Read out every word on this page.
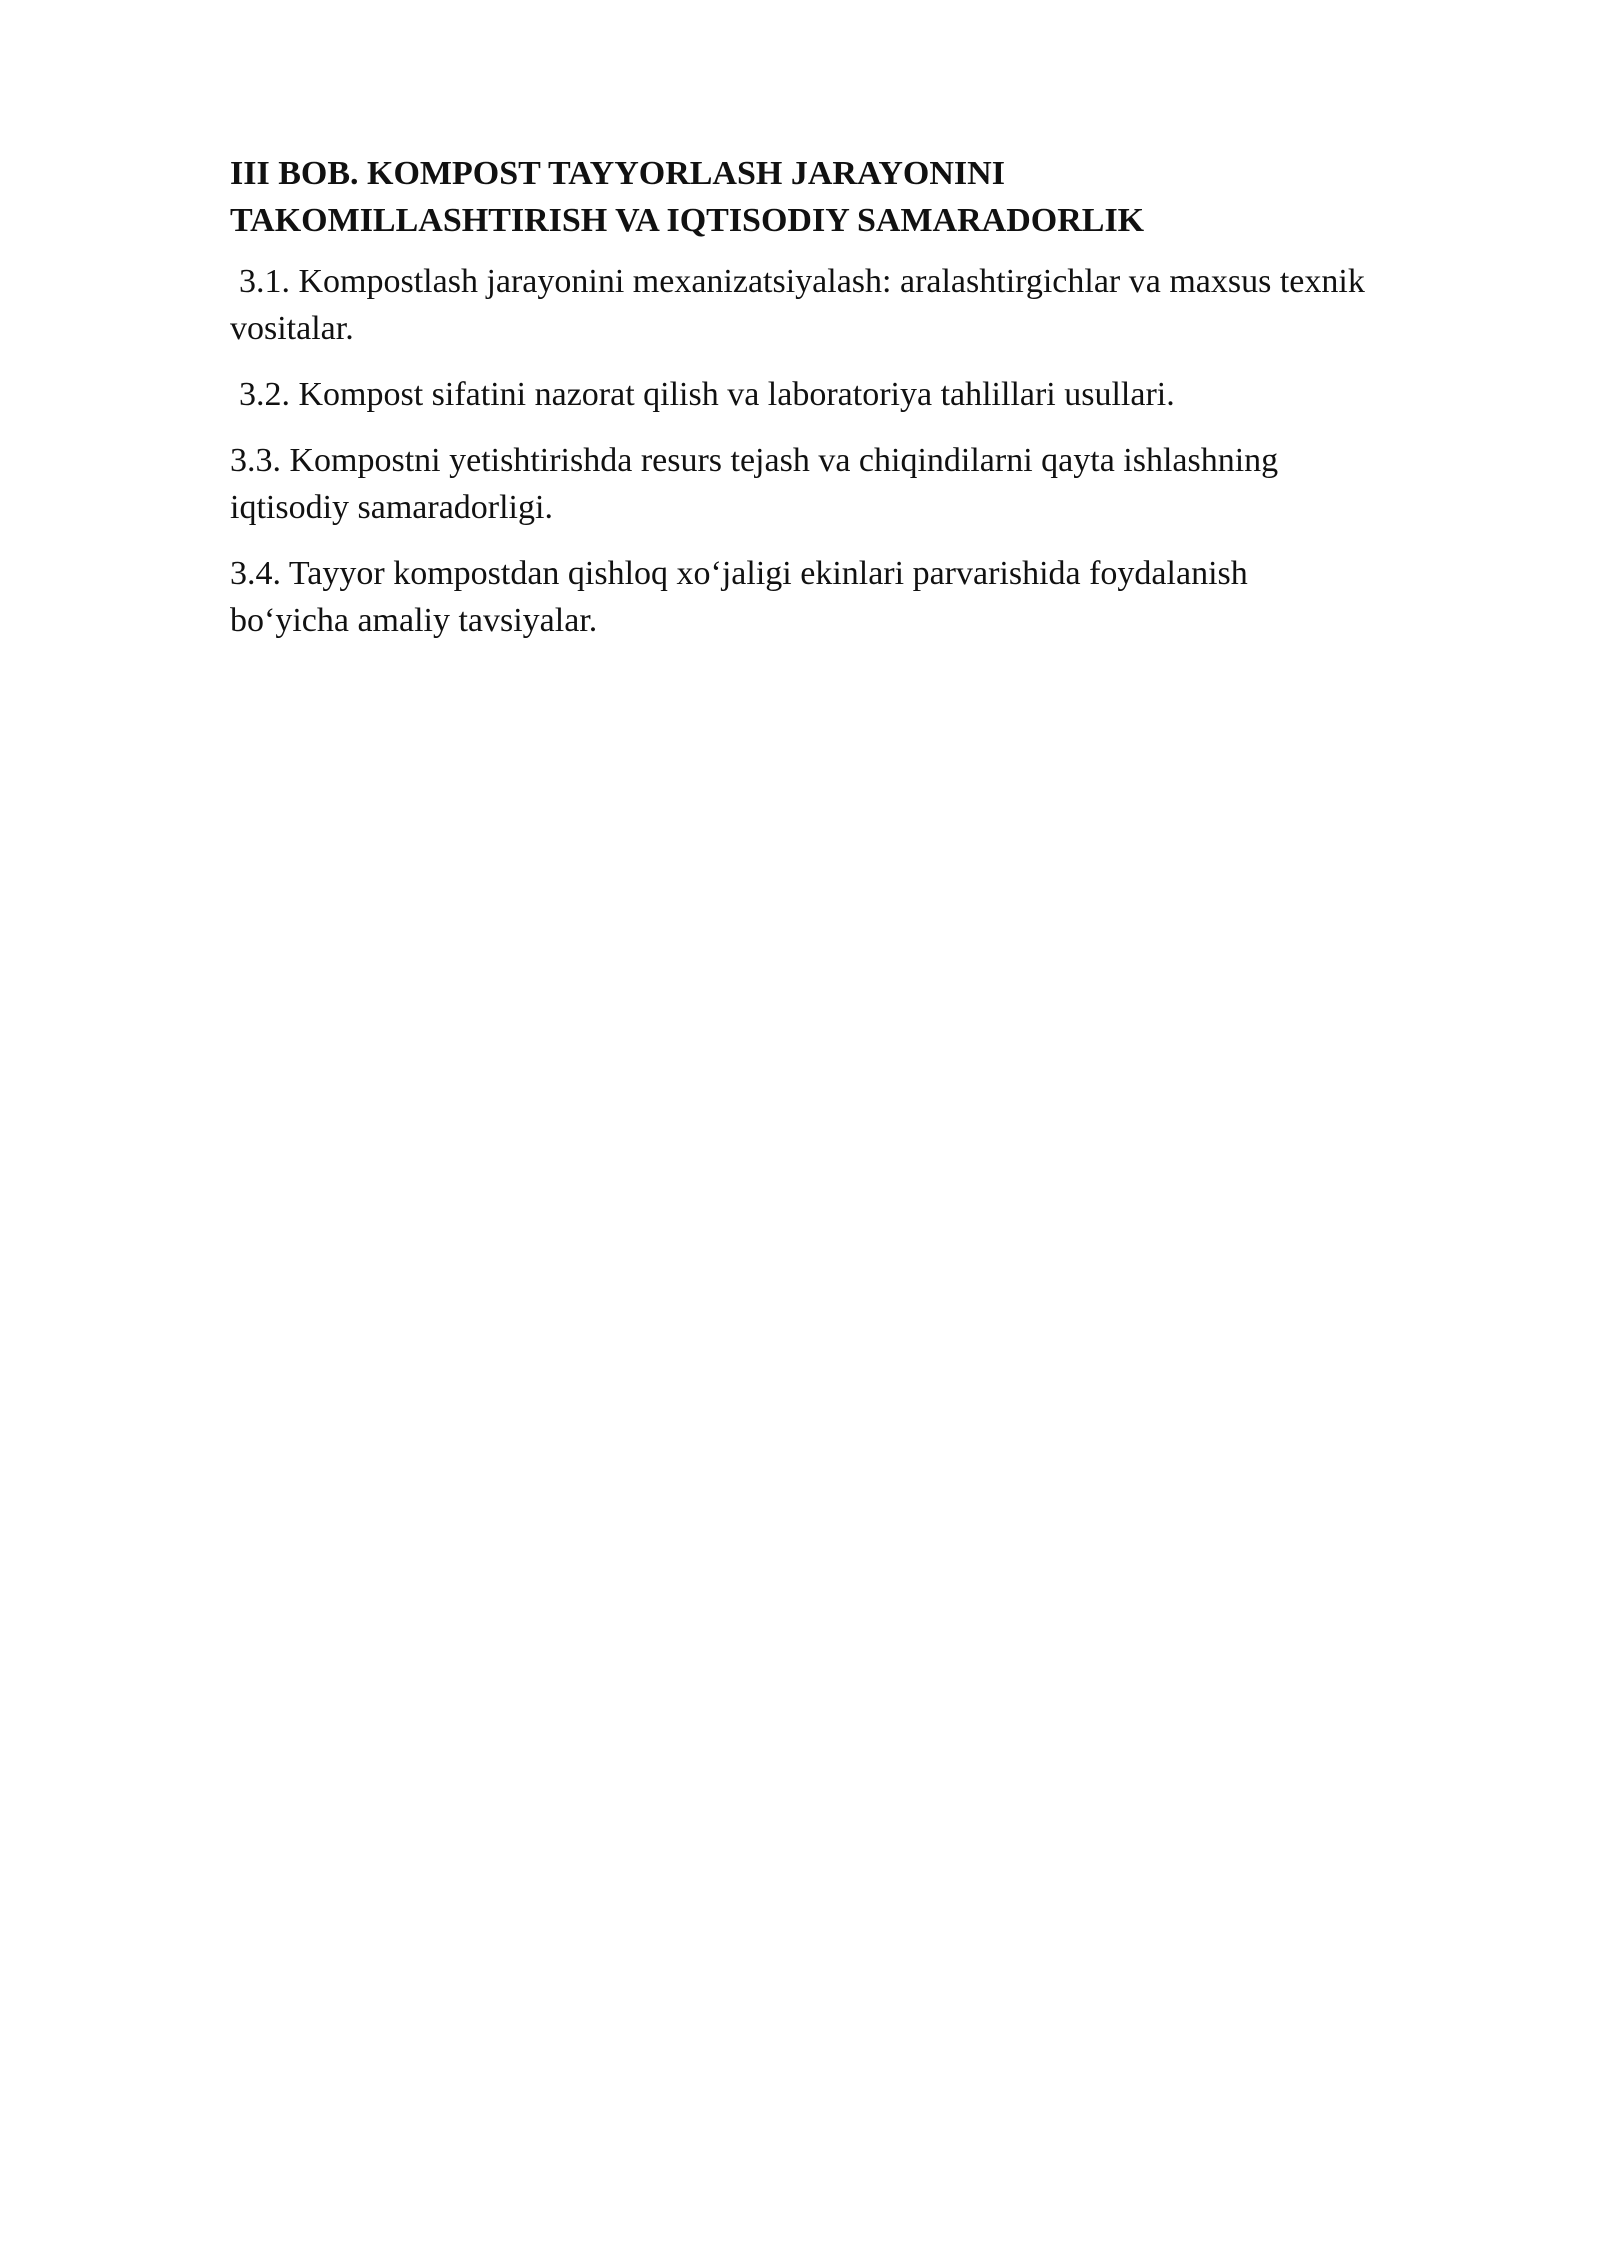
III BOB. KOMPOST TAYYORLASH JARAYONINI
TAKOMILLASHTIRISH VA IQTISODIY SAMARADORLIK

3.1. Kompostlash jarayonini mexanizatsiyalash: aralashtirgichlar va maxsus texnik
vositalar.

3.2. Kompost sifatini nazorat qilish va laboratoriya tahlillari usullari.

3.3. Kompostni yetishtirishda resurs tejash va chiqindilarni qayta ishlashning
iqtisodiy samaradorligi.

3.4. Tayyor kompostdan qishloq xo‘jaligi ekinlari parvarishida foydalanish
bo‘yicha amaliy tavsiyalar.
